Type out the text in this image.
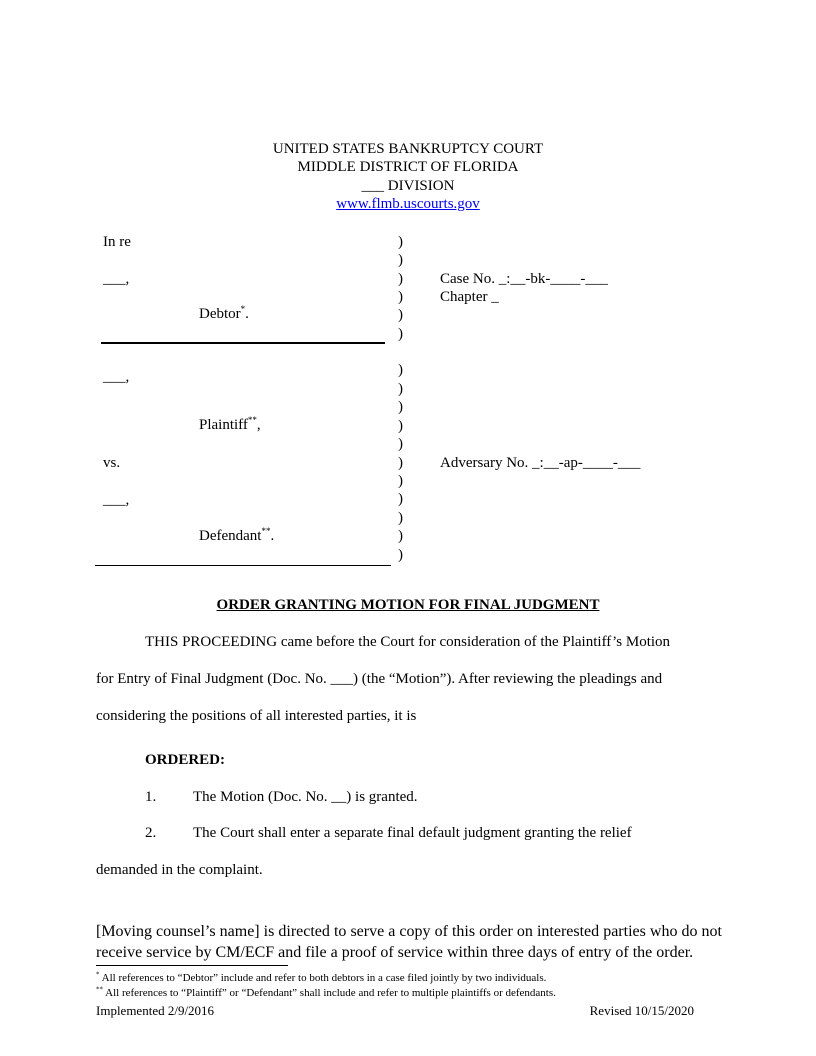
UNITED STATES BANKRUPTCY COURT
MIDDLE DISTRICT OF FLORIDA
___ DIVISION
www.flmb.uscourts.gov
In re
___,
Debtor*.
___,
Plaintiff**,
vs.
___,
Defendant**.
)
)
)
)
)
)
)
)
)
)
)
)
)
)
)
)
)
Case No. _:__-bk-____-___
Chapter _
Adversary No. _:__-ap-____-___
ORDER GRANTING MOTION FOR FINAL JUDGMENT
THIS PROCEEDING came before the Court for consideration of the Plaintiff’s Motion
for Entry of Final Judgment (Doc. No. ___) (the “Motion”). After reviewing the pleadings and
considering the positions of all interested parties, it is
ORDERED:
1. The Motion (Doc. No. __) is granted.
2. The Court shall enter a separate final default judgment granting the relief
demanded in the complaint.
[Moving counsel’s name] is directed to serve a copy of this order on interested parties who do not receive service by CM/ECF and file a proof of service within three days of entry of the order.
* All references to “Debtor” include and refer to both debtors in a case filed jointly by two individuals.
** All references to “Plaintiff” or “Defendant” shall include and refer to multiple plaintiffs or defendants.
Implemented 2/9/2016	Revised 10/15/2020
